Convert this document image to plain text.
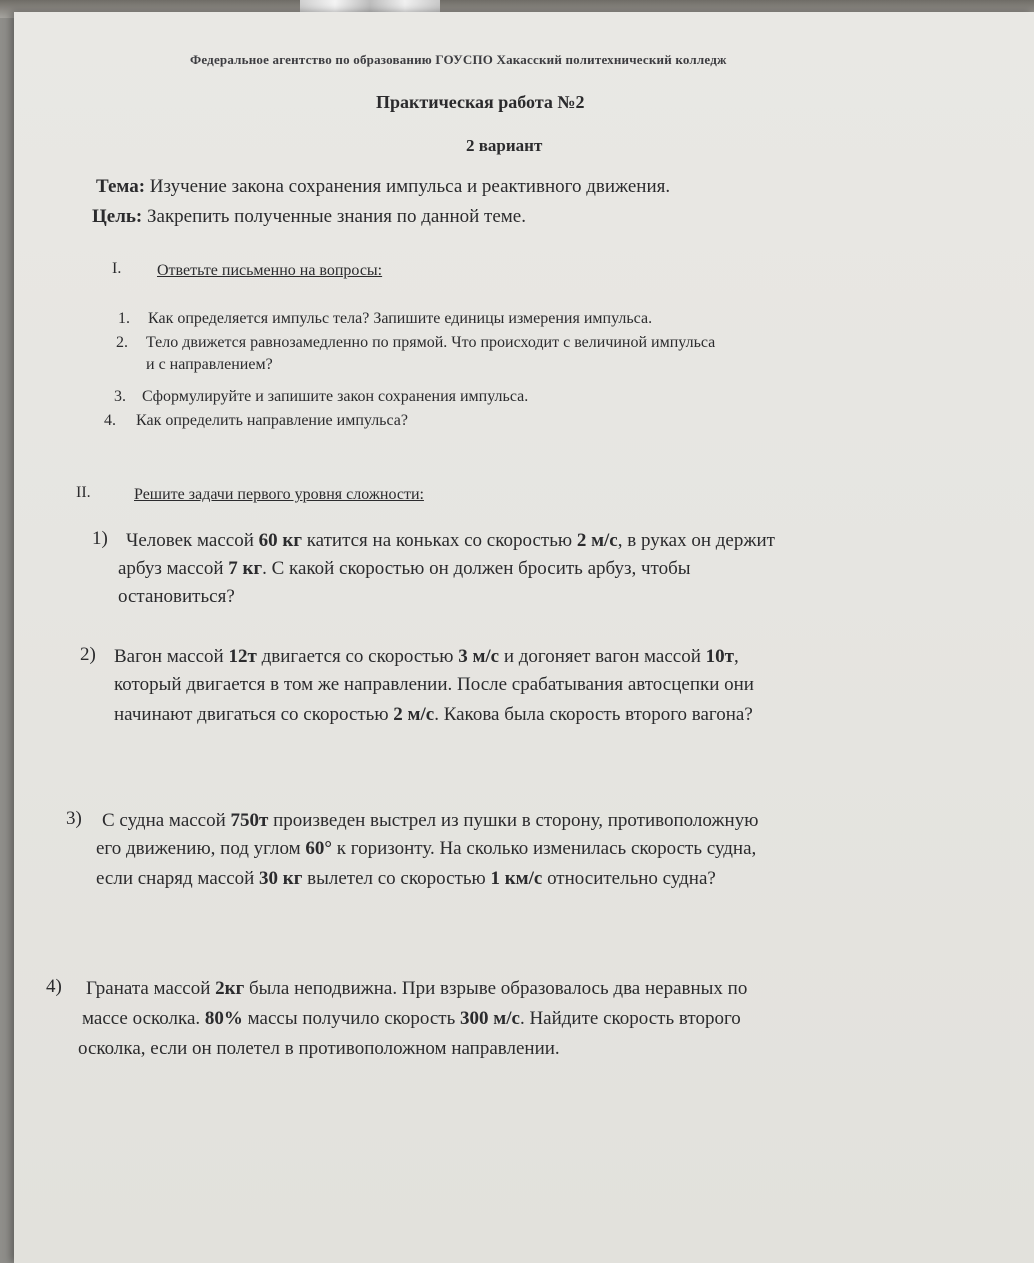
Федеральное агентство по образованию ГОУСПО Хакасский политехнический колледж
Практическая работа №2
2 вариант
Тема: Изучение закона сохранения импульса и реактивного движения.
Цель: Закрепить полученные знания по данной теме.
I. Ответьте письменно на вопросы:
1. Как определяется импульс тела? Запишите единицы измерения импульса.
2. Тело движется равнозамедленно по прямой. Что происходит с величиной импульса
и с направлением?
3. Сформулируйте и запишите закон сохранения импульса.
4. Как определить направление импульса?
II.	Решите задачи первого уровня сложности:
1) Человек массой 60 кг катится на коньках со скоростью 2 м/с, в руках он держит
арбуз массой 7 кг. С какой скоростью он должен бросить арбуз, чтобы
остановиться?
2) Вагон массой 12т двигается со скоростью 3 м/с и догоняет вагон массой 10т,
который двигается в том же направлении. После срабатывания автосцепки они
начинают двигаться со скоростью 2 м/с. Какова была скорость второго вагона?
3) С судна массой 750т произведен выстрел из пушки в сторону, противоположную
его движению, под углом 60° к горизонту. На сколько изменилась скорость судна,
если снаряд массой 30 кг вылетел со скоростью 1 км/с относительно судна?
4) Граната массой 2кг была неподвижна. При взрыве образовалось два неравных по
массе осколка. 80% массы получило скорость 300 м/с. Найдите скорость второго
осколка, если он полетел в противоположном направлении.
